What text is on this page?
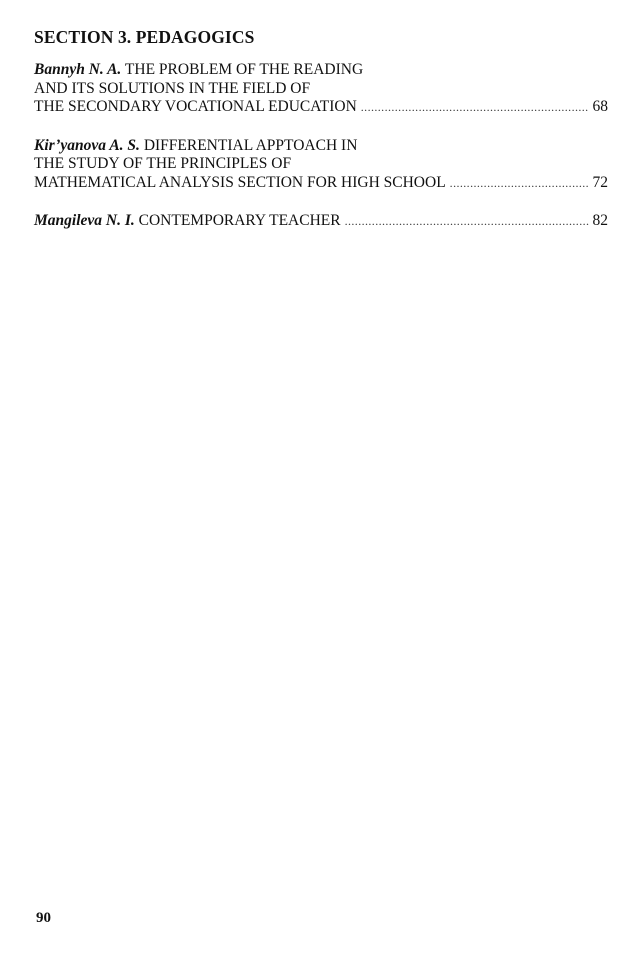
SECTION 3. PEDAGOGICS
Bannyh N. A. THE PROBLEM OF THE READING
AND ITS SOLUTIONS IN THE FIELD OF
THE SECONDARY VOCATIONAL EDUCATION . . .	68
Kir’yanova A. S. DIFFERENTIAL APPTOACH IN
THE STUDY OF THE PRINCIPLES OF
MATHEMATICAL ANALYSIS SECTION FOR HIGH SCHOOL . . .	72
Mangileva N. I. CONTEMPORARY TEACHER . . .	82
90
